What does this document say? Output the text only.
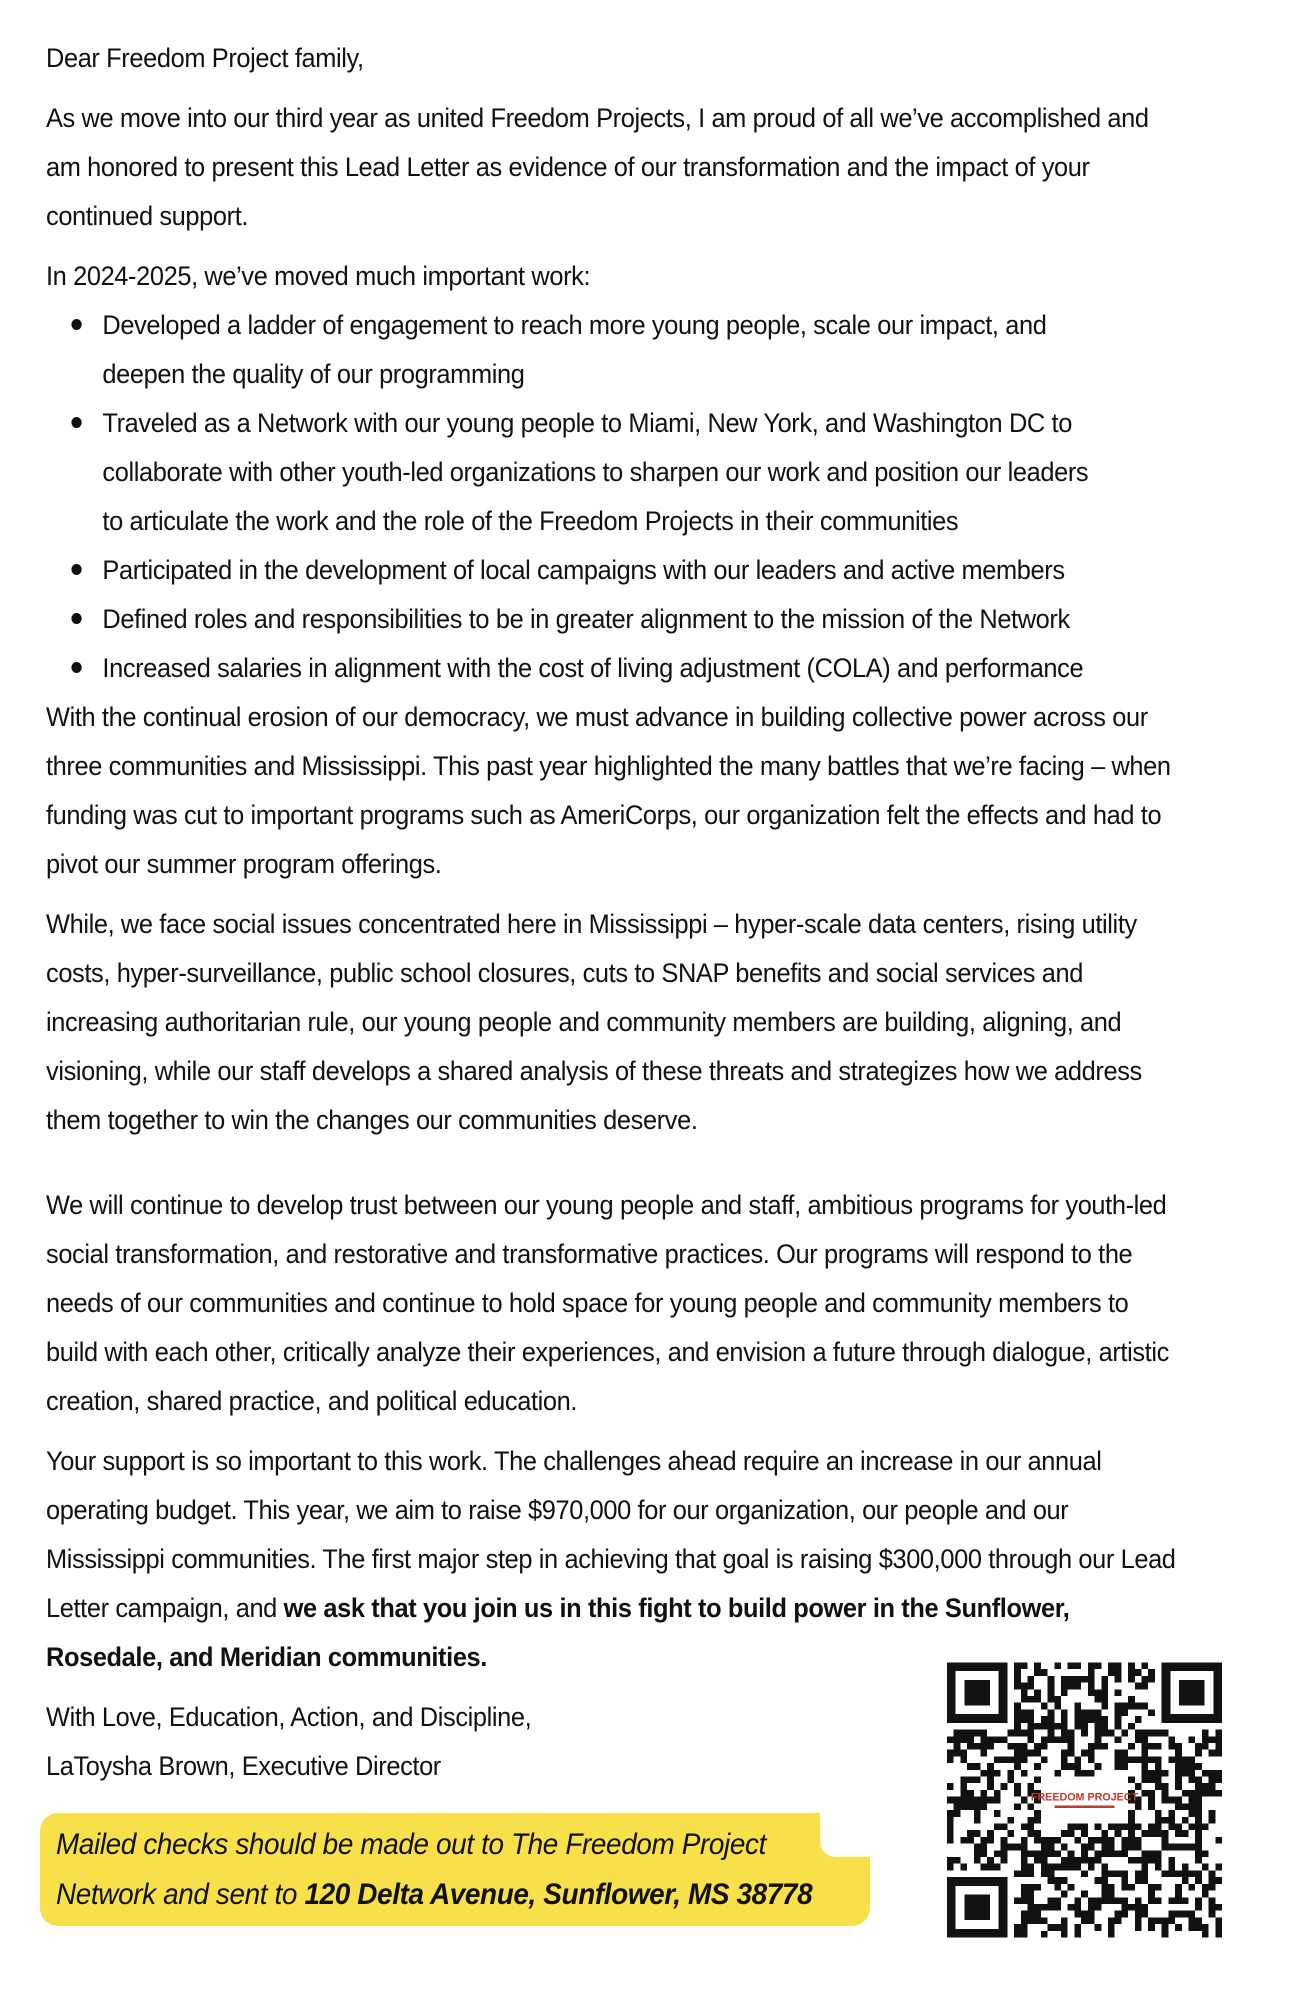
Dear Freedom Project family,

As we move into our third year as united Freedom Projects, I am proud of all we’ve accomplished and am honored to present this Lead Letter as evidence of our transformation and the impact of your continued support.

In 2024-2025, we’ve moved much important work:

Developed a ladder of engagement to reach more young people, scale our impact, and deepen the quality of our programming
Traveled as a Network with our young people to Miami, New York, and Washington DC to collaborate with other youth-led organizations to sharpen our work and position our leaders to articulate the work and the role of the Freedom Projects in their communities
Participated in the development of local campaigns with our leaders and active members
Defined roles and responsibilities to be in greater alignment to the mission of the Network
Increased salaries in alignment with the cost of living adjustment (COLA) and performance

With the continual erosion of our democracy, we must advance in building collective power across our three communities and Mississippi. This past year highlighted the many battles that we’re facing – when funding was cut to important programs such as AmeriCorps, our organization felt the effects and had to pivot our summer program offerings.

While, we face social issues concentrated here in Mississippi – hyper-scale data centers, rising utility costs, hyper-surveillance, public school closures, cuts to SNAP benefits and social services and increasing authoritarian rule, our young people and community members are building, aligning, and visioning, while our staff develops a shared analysis of these threats and strategizes how we address them together to win the changes our communities deserve.

We will continue to develop trust between our young people and staff, ambitious programs for youth-led social transformation, and restorative and transformative practices. Our programs will respond to the needs of our communities and continue to hold space for young people and community members to build with each other, critically analyze their experiences, and envision a future through dialogue, artistic creation, shared practice, and political education.

Your support is so important to this work. The challenges ahead require an increase in our annual operating budget. This year, we aim to raise $970,000 for our organization, our people and our Mississippi communities. The first major step in achieving that goal is raising $300,000 through our Lead Letter campaign, and we ask that you join us in this fight to build power in the Sunflower, Rosedale, and Meridian communities.

With Love, Education, Action, and Discipline,

LaToysha Brown, Executive Director

Mailed checks should be made out to The Freedom Project Network and sent to 120 Delta Avenue, Sunflower, MS 38778
FREEDOM PROJECT
